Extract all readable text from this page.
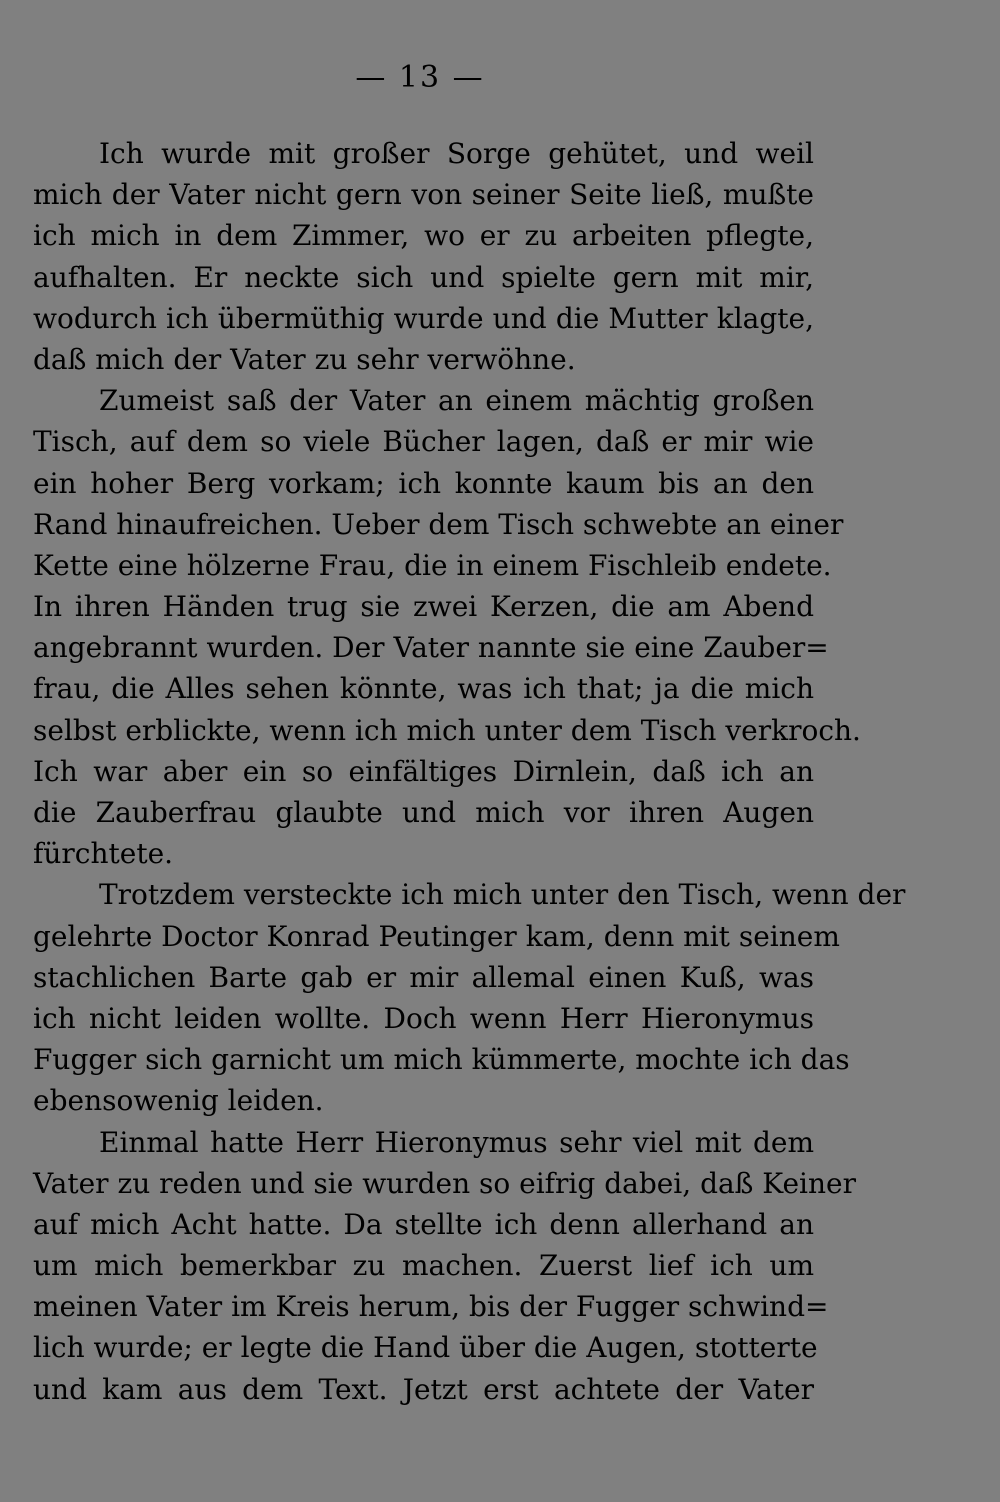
— 13 —
Ich wurde mit großer Sorge gehütet, und weil
mich der Vater nicht gern von seiner Seite ließ, mußte
ich mich in dem Zimmer, wo er zu arbeiten pflegte,
aufhalten. Er neckte sich und spielte gern mit mir,
wodurch ich übermüthig wurde und die Mutter klagte,
daß mich der Vater zu sehr verwöhne.
Zumeist saß der Vater an einem mächtig großen
Tisch, auf dem so viele Bücher lagen, daß er mir wie
ein hoher Berg vorkam; ich konnte kaum bis an den
Rand hinaufreichen. Ueber dem Tisch schwebte an einer
Kette eine hölzerne Frau, die in einem Fischleib endete.
In ihren Händen trug sie zwei Kerzen, die am Abend
angebrannt wurden. Der Vater nannte sie eine Zauber=
frau, die Alles sehen könnte, was ich that; ja die mich
selbst erblickte, wenn ich mich unter dem Tisch verkroch.
Ich war aber ein so einfältiges Dirnlein, daß ich an
die Zauberfrau glaubte und mich vor ihren Augen
fürchtete.
Trotzdem versteckte ich mich unter den Tisch, wenn der
gelehrte Doctor Konrad Peutinger kam, denn mit seinem
stachlichen Barte gab er mir allemal einen Kuß, was
ich nicht leiden wollte. Doch wenn Herr Hieronymus
Fugger sich garnicht um mich kümmerte, mochte ich das
ebensowenig leiden.
Einmal hatte Herr Hieronymus sehr viel mit dem
Vater zu reden und sie wurden so eifrig dabei, daß Keiner
auf mich Acht hatte. Da stellte ich denn allerhand an
um mich bemerkbar zu machen. Zuerst lief ich um
meinen Vater im Kreis herum, bis der Fugger schwind=
lich wurde; er legte die Hand über die Augen, stotterte
und kam aus dem Text. Jetzt erst achtete der Vater
